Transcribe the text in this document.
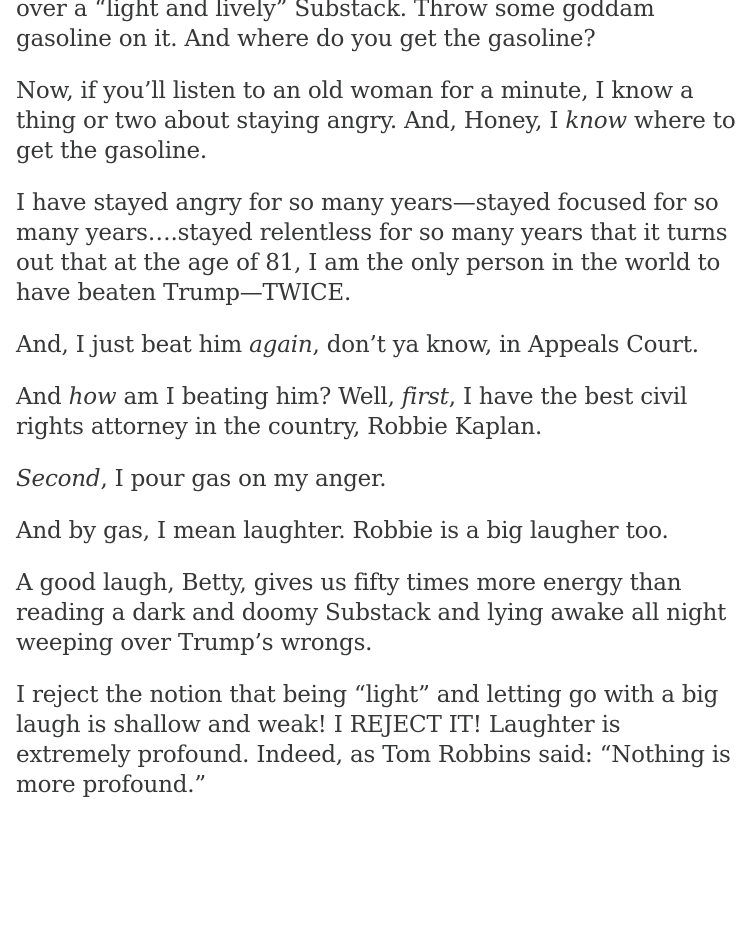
over a “light and lively” Substack. Throw some goddam gasoline on it. And where do you get the gasoline?

Now, if you’ll listen to an old woman for a minute, I know a thing or two about staying angry. And, Honey, I know where to get the gasoline.

I have stayed angry for so many years—stayed focused for so many years….stayed relentless for so many years that it turns out that at the age of 81, I am the only person in the world to have beaten Trump—TWICE.

And, I just beat him again, don’t ya know, in Appeals Court.

And how am I beating him? Well, first, I have the best civil rights attorney in the country, Robbie Kaplan.

Second, I pour gas on my anger.

And by gas, I mean laughter. Robbie is a big laugher too.

A good laugh, Betty, gives us fifty times more energy than reading a dark and doomy Substack and lying awake all night weeping over Trump’s wrongs.

I reject the notion that being “light” and letting go with a big laugh is shallow and weak! I REJECT IT! Laughter is extremely profound. Indeed, as Tom Robbins said: “Nothing is more profound.”
